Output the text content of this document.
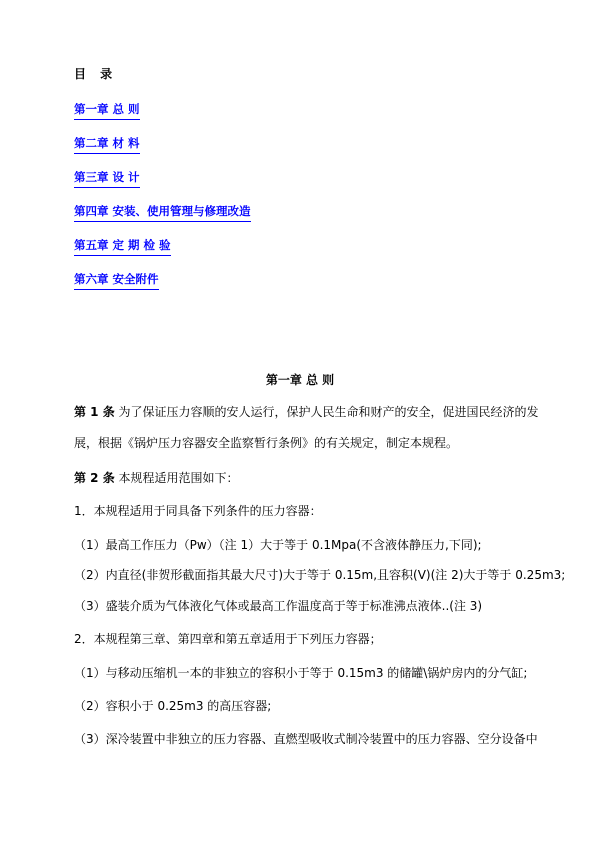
目 录
第一章 总 则
第二章 材 料
第三章 设 计
第四章 安装、使用管理与修理改造
第五章 定 期 检 验
第六章 安全附件
第一章 总 则

第 1 条 为了保证压力容顺的安人运行，保护人民生命和财产的安全，促进国民经济的发

展，根据《锅炉压力容器安全监察暂行条例》的有关规定，制定本规程。

第 2 条 本规程适用范围如下：

1．本规程适用于同具备下列条件的压力容器：

（1）最高工作压力（Pw）（注 1）大于等于 0.1Mpa(不含液体静压力,下同);

（2）内直径(非贺形截面指其最大尺寸)大于等于 0.15m,且容积(V)(注 2)大于等于 0.25m3;

（3）盛装介质为气体液化气体或最高工作温度高于等于标准沸点液体..(注 3)

2．本规程第三章、第四章和第五章适用于下列压力容器；

（1）与移动压缩机一本的非独立的容积小于等于 0.15m3 的储罐\锅炉房内的分气缸;

（2）容积小于 0.25m3 的高压容器;

（3）深冷装置中非独立的压力容器、直燃型吸收式制冷装置中的压力容器、空分设备中
